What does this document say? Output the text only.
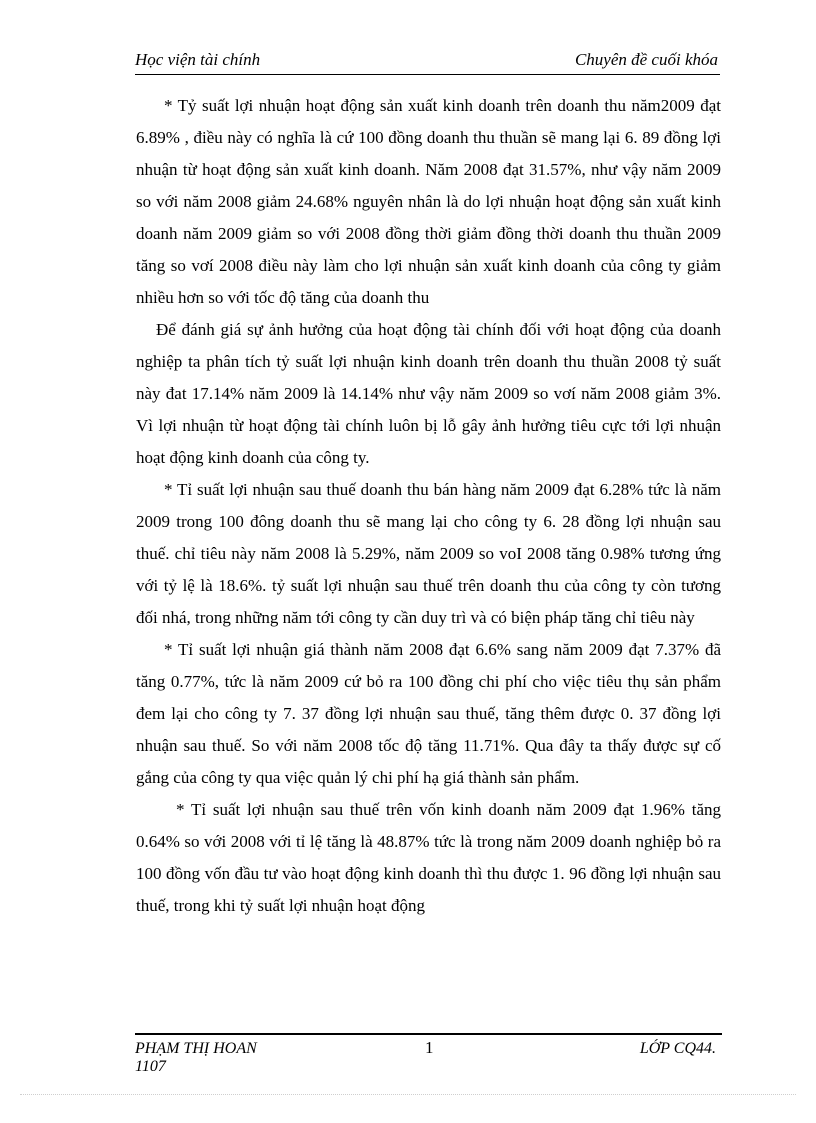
Học viện tài chính	Chuyên đề cuối khóa

* Tỷ suất lợi nhuận hoạt động sản xuất kinh doanh trên doanh thu năm2009 đạt 6.89% , điều này có nghĩa là cứ 100 đồng doanh thu thuần sẽ mang lại 6. 89 đồng lợi nhuận từ hoạt động sản xuất kinh doanh. Năm 2008 đạt 31.57%, như vậy năm 2009 so với năm 2008 giảm 24.68% nguyên nhân là do lợi nhuận hoạt động sản xuất kinh doanh năm 2009 giảm so với 2008 đồng thời giảm đồng thời doanh thu thuần 2009 tăng so vơí 2008 điều này làm cho lợi nhuận sản xuất kinh doanh của công ty giảm nhiều hơn so với tốc độ tăng của doanh thu

Để đánh giá sự ảnh hưởng của hoạt động tài chính đối với hoạt động của doanh nghiệp ta phân tích tỷ suất lợi nhuận kinh doanh trên doanh thu thuần 2008 tỷ suất này đat 17.14% năm 2009 là 14.14% như vậy năm 2009 so vơí năm 2008 giảm 3%. Vì lợi nhuận từ hoạt động tài chính luôn bị lỗ gây ảnh hưởng tiêu cực tới lợi nhuận hoạt động kinh doanh của công ty.

* Tỉ suất lợi nhuận sau thuế doanh thu bán hàng năm 2009 đạt 6.28% tức là năm 2009 trong 100 đông doanh thu sẽ mang lại cho công ty 6. 28 đồng lợi nhuận sau thuế. chỉ tiêu này năm 2008 là 5.29%, năm 2009 so voI 2008 tăng 0.98% tương ứng với tỷ lệ là 18.6%. tỷ suất lợi nhuận sau thuế trên doanh thu của công ty còn tương đối nhá, trong những năm tới công ty cần duy trì và có biện pháp tăng chỉ tiêu này

* Tỉ suất lợi nhuận giá thành năm 2008 đạt 6.6% sang năm 2009 đạt 7.37% đã tăng 0.77%, tức là năm 2009 cứ bỏ ra 100 đồng chi phí cho việc tiêu thụ sản phẩm đem lại cho công ty 7. 37 đồng lợi nhuận sau thuế, tăng thêm được 0. 37 đồng lợi nhuận sau thuế. So với năm 2008 tốc độ tăng 11.71%. Qua đây ta thấy được sự cố gắng của công ty qua việc quản lý chi phí hạ giá thành sản phẩm.

* Tỉ suất lợi nhuận sau thuế trên vốn kinh doanh năm 2009 đạt 1.96% tăng 0.64% so với 2008 với tỉ lệ tăng là 48.87% tức là trong năm 2009 doanh nghiệp bỏ ra 100 đồng vốn đầu tư vào hoạt động kinh doanh thì thu được 1. 96 đồng lợi nhuận sau thuế, trong khi tỷ suất lợi nhuận hoạt động

PHẠM THỊ HOAN
1107
1	LỚP CQ44.
